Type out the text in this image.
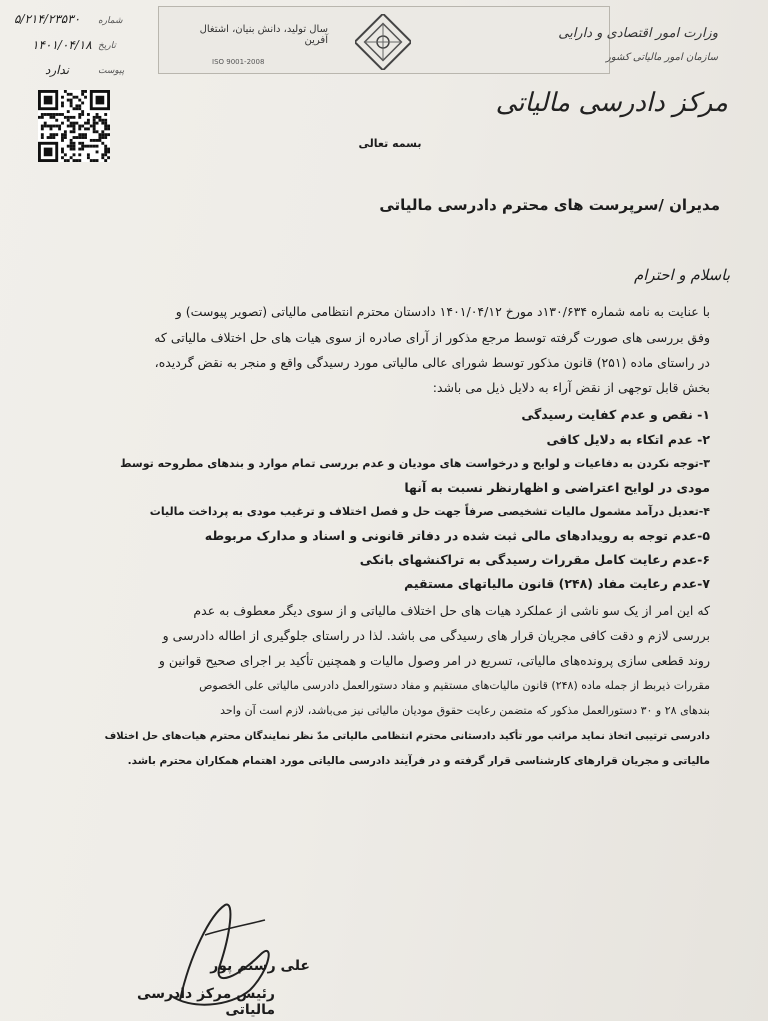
سال تولید، دانش بنیان، اشتغال آفرین
ISO 9001-2008
وزارت امور اقتصادی و دارایی
سازمان امور مالیاتی کشور
مرکز دادرسی مالیاتی
شماره
۵/۲۱۴/۲۳۵۳۰
تاریخ
۱۴۰۱/۰۴/۱۸
پیوست
ندارد
بسمه تعالی
مدیران /سرپرست های محترم دادرسی مالیاتی
باسلام و احترام
با عنایت به نامه شماره ۱۳۰/۶۳۴د مورخ ۱۴۰۱/۰۴/۱۲ دادستان محترم انتظامی مالیاتی (تصویر پیوست) و
وفق بررسی های صورت گرفته توسط مرجع مذکور از آرای صادره از سوی هیات های حل اختلاف مالیاتی که
در راستای ماده (۲۵۱) قانون مذکور توسط شورای عالی مالیاتی مورد رسیدگی واقع و منجر به نقض گردیده،
بخش قابل توجهی از نقض آراء به دلایل ذیل می باشد:
۱- نقص و عدم کفایت رسیدگی
۲- عدم اتکاء به دلایل کافی
۳-توجه نکردن به دفاعیات و لوایح و درخواست های مودیان و عدم بررسی تمام موارد و بندهای مطروحه توسط
مودی در لوایح اعتراضی و اظهارنظر نسبت به آنها
۴-تعدیل درآمد مشمول مالیات تشخیصی صرفاً جهت حل و فصل اختلاف و ترغیب مودی به پرداخت مالیات
۵-عدم توجه به رویدادهای مالی ثبت شده در دفاتر قانونی و اسناد و مدارک مربوطه
۶-عدم رعایت کامل مقررات رسیدگی به تراکنشهای بانکی
۷-عدم رعایت مفاد (۲۴۸) قانون مالیاتهای مستقیم
که این امر از یک سو ناشی از عملکرد هیات های حل اختلاف مالیاتی و از سوی دیگر معطوف به عدم
بررسی لازم و دقت کافی مجریان قرار های رسیدگی می باشد. لذا در راستای جلوگیری از اطاله دادرسی و
روند قطعی سازی پرونده‌های مالیاتی، تسریع در امر وصول مالیات و همچنین تأکید بر اجرای صحیح قوانین و
مقررات ذیربط از جمله ماده (۲۴۸) قانون مالیات‌های مستقیم و مفاد دستورالعمل دادرسی مالیاتی علی الخصوص
بندهای ۲۸ و ۳۰ دستورالعمل مذکور که متضمن رعایت حقوق مودیان مالیاتی نیز می‌باشد، لازم است آن واحد
دادرسی ترتیبی اتخاذ نماید مراتب مور تأکید دادستانی محترم انتظامی مالیاتی مدّ نظر نمایندگان محترم هیات‌های حل اختلاف
مالیاتی و مجریان قرارهای کارشناسی قرار گرفته و در فرآیند دادرسی مالیاتی مورد اهتمام همکاران محترم باشد.
علی رستم پور
رئیس مرکز دادرسی مالیاتی
